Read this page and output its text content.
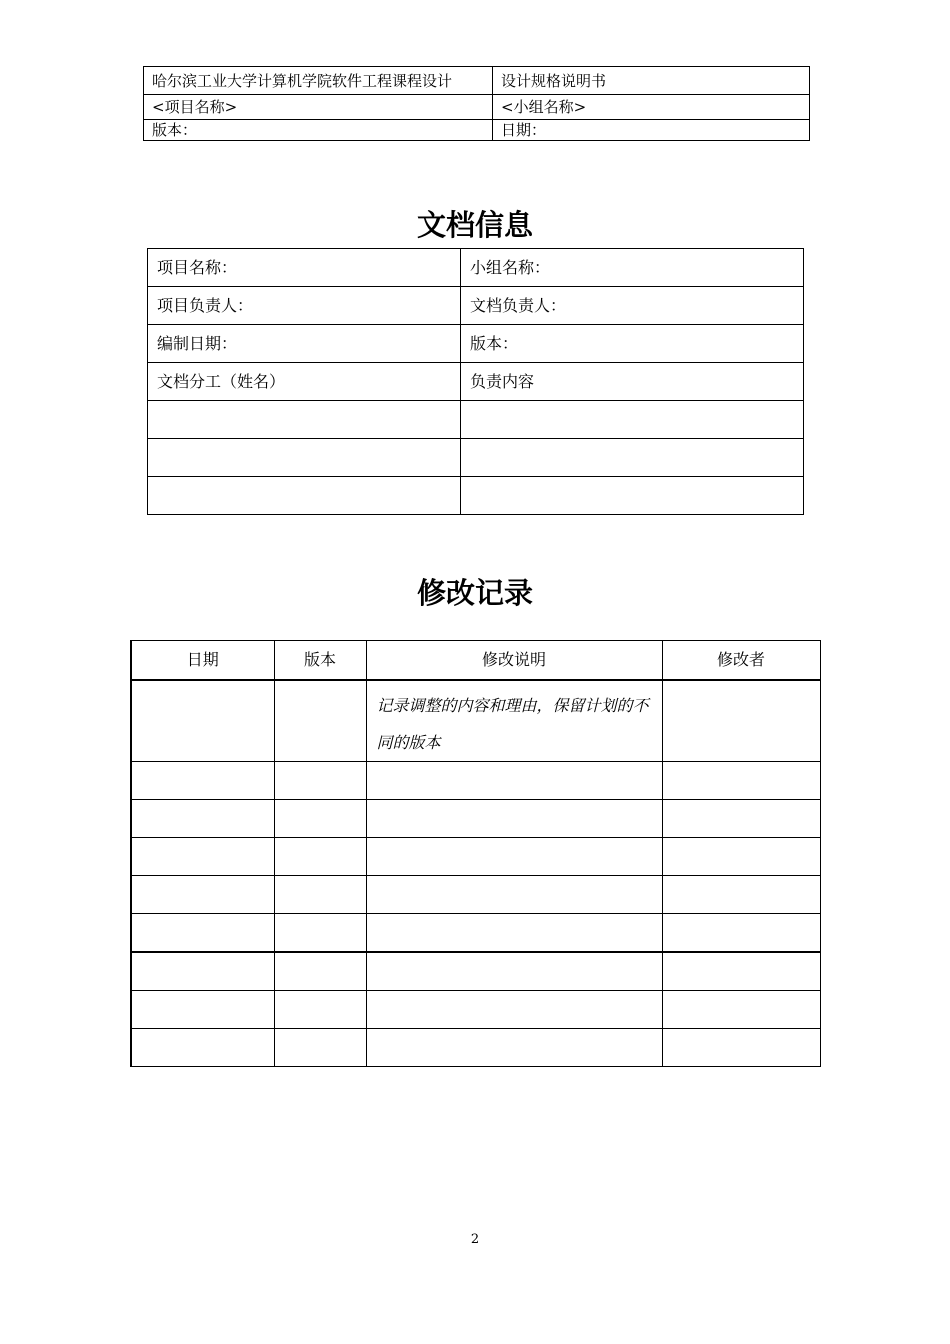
哈尔滨工业大学计算机学院软件工程课程设计	设计规格说明书
<项目名称>	<小组名称>
版本：	日期：
文档信息
项目名称：	小组名称：
项目负责人：	文档负责人：
编制日期：	版本：
文档分工（姓名）	负责内容

修改记录
日期	版本	修改说明	修改者
		记录调整的内容和理由，保留计划的不同的版本	

2
